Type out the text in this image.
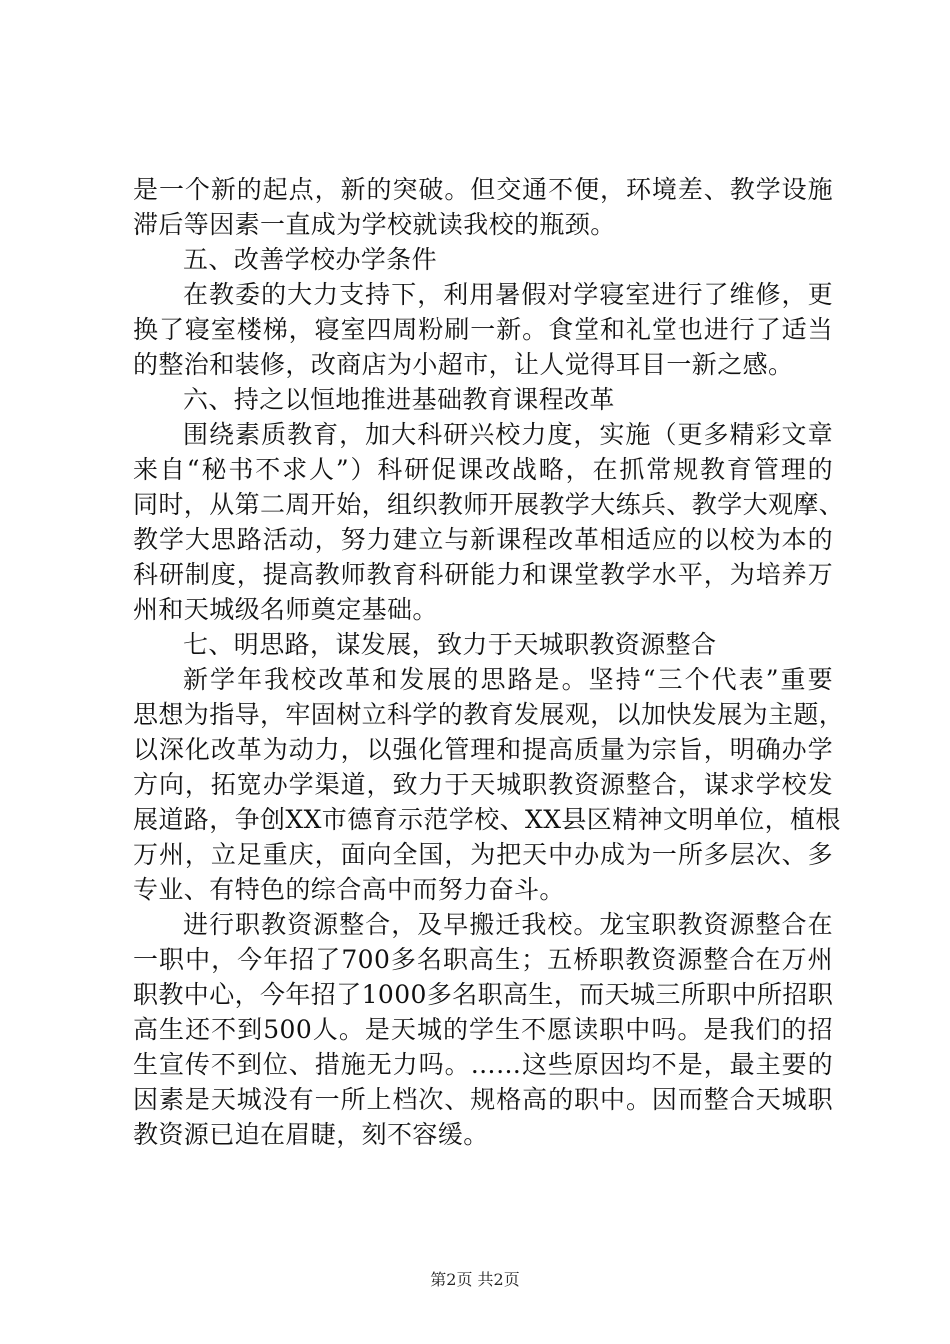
是一个新的起点，新的突破。但交通不便，环境差、教学设施
滞后等因素一直成为学校就读我校的瓶颈。
五、改善学校办学条件
在教委的大力支持下，利用暑假对学寝室进行了维修，更
换了寝室楼梯，寝室四周粉刷一新。食堂和礼堂也进行了适当
的整治和装修，改商店为小超市，让人觉得耳目一新之感。
六、持之以恒地推进基础教育课程改革
围绕素质教育，加大科研兴校力度，实施（更多精彩文章
来自“秘书不求人”）科研促课改战略，在抓常规教育管理的
同时，从第二周开始，组织教师开展教学大练兵、教学大观摩、
教学大思路活动，努力建立与新课程改革相适应的以校为本的
科研制度，提高教师教育科研能力和课堂教学水平，为培养万
州和天城级名师奠定基础。
七、明思路，谋发展，致力于天城职教资源整合
新学年我校改革和发展的思路是。坚持“三个代表”重要
思想为指导，牢固树立科学的教育发展观，以加快发展为主题，
以深化改革为动力，以强化管理和提高质量为宗旨，明确办学
方向，拓宽办学渠道，致力于天城职教资源整合，谋求学校发
展道路，争创XX市德育示范学校、XX县区精神文明单位，植根
万州，立足重庆，面向全国，为把天中办成为一所多层次、多
专业、有特色的综合高中而努力奋斗。
进行职教资源整合，及早搬迁我校。龙宝职教资源整合在
一职中，今年招了700多名职高生；五桥职教资源整合在万州
职教中心，今年招了1000多名职高生，而天城三所职中所招职
高生还不到500人。是天城的学生不愿读职中吗。是我们的招
生宣传不到位、措施无力吗。……这些原因均不是，最主要的
因素是天城没有一所上档次、规格高的职中。因而整合天城职
教资源已迫在眉睫，刻不容缓。
第2页 共2页
